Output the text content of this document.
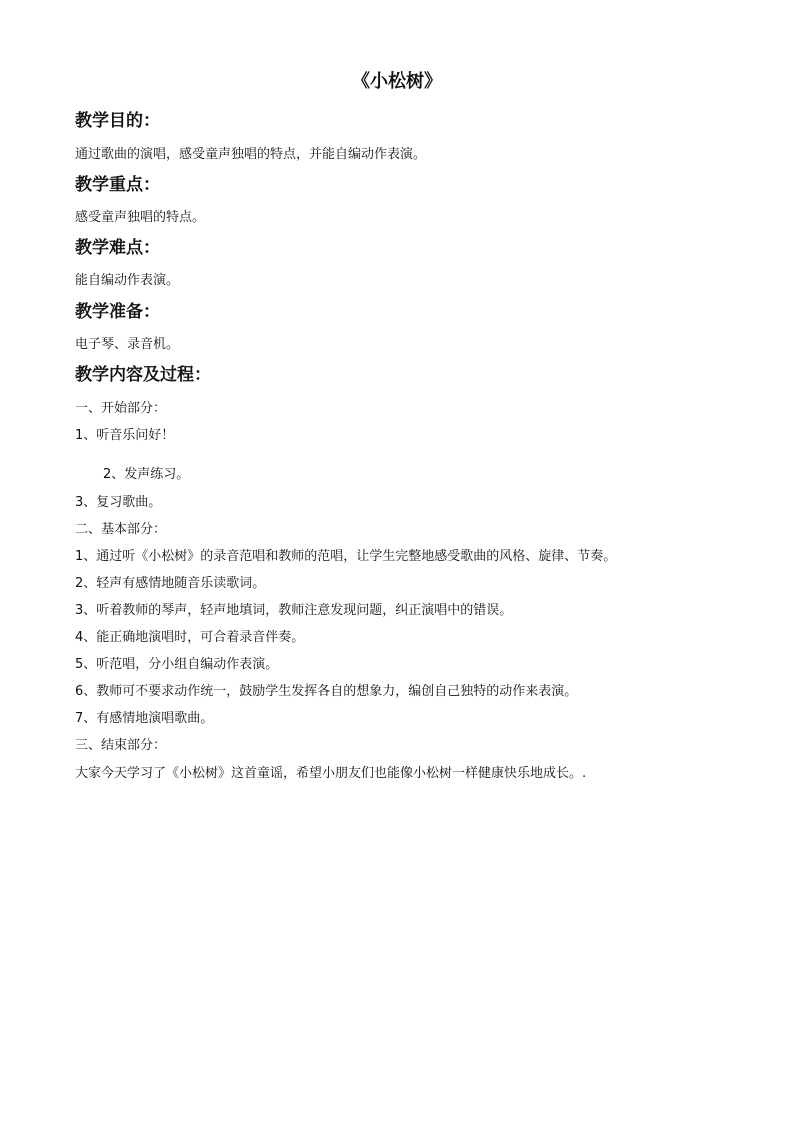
《小松树》
教学目的：
通过歌曲的演唱，感受童声独唱的特点，并能自编动作表演。
教学重点：
感受童声独唱的特点。
教学难点：
能自编动作表演。
教学准备：
电子琴、录音机。
教学内容及过程：
一、开始部分：
1、听音乐问好！
2、发声练习。
3、复习歌曲。
二、基本部分：
1、通过听《小松树》的录音范唱和教师的范唱，让学生完整地感受歌曲的风格、旋律、节奏。
2、轻声有感情地随音乐读歌词。
3、听着教师的琴声，轻声地填词，教师注意发现问题，纠正演唱中的错误。
4、能正确地演唱时，可合着录音伴奏。
5、听范唱，分小组自编动作表演。
6、教师可不要求动作统一，鼓励学生发挥各自的想象力，编创自己独特的动作来表演。
7、有感情地演唱歌曲。
三、结束部分：
大家今天学习了《小松树》这首童谣，希望小朋友们也能像小松树一样健康快乐地成长。.
